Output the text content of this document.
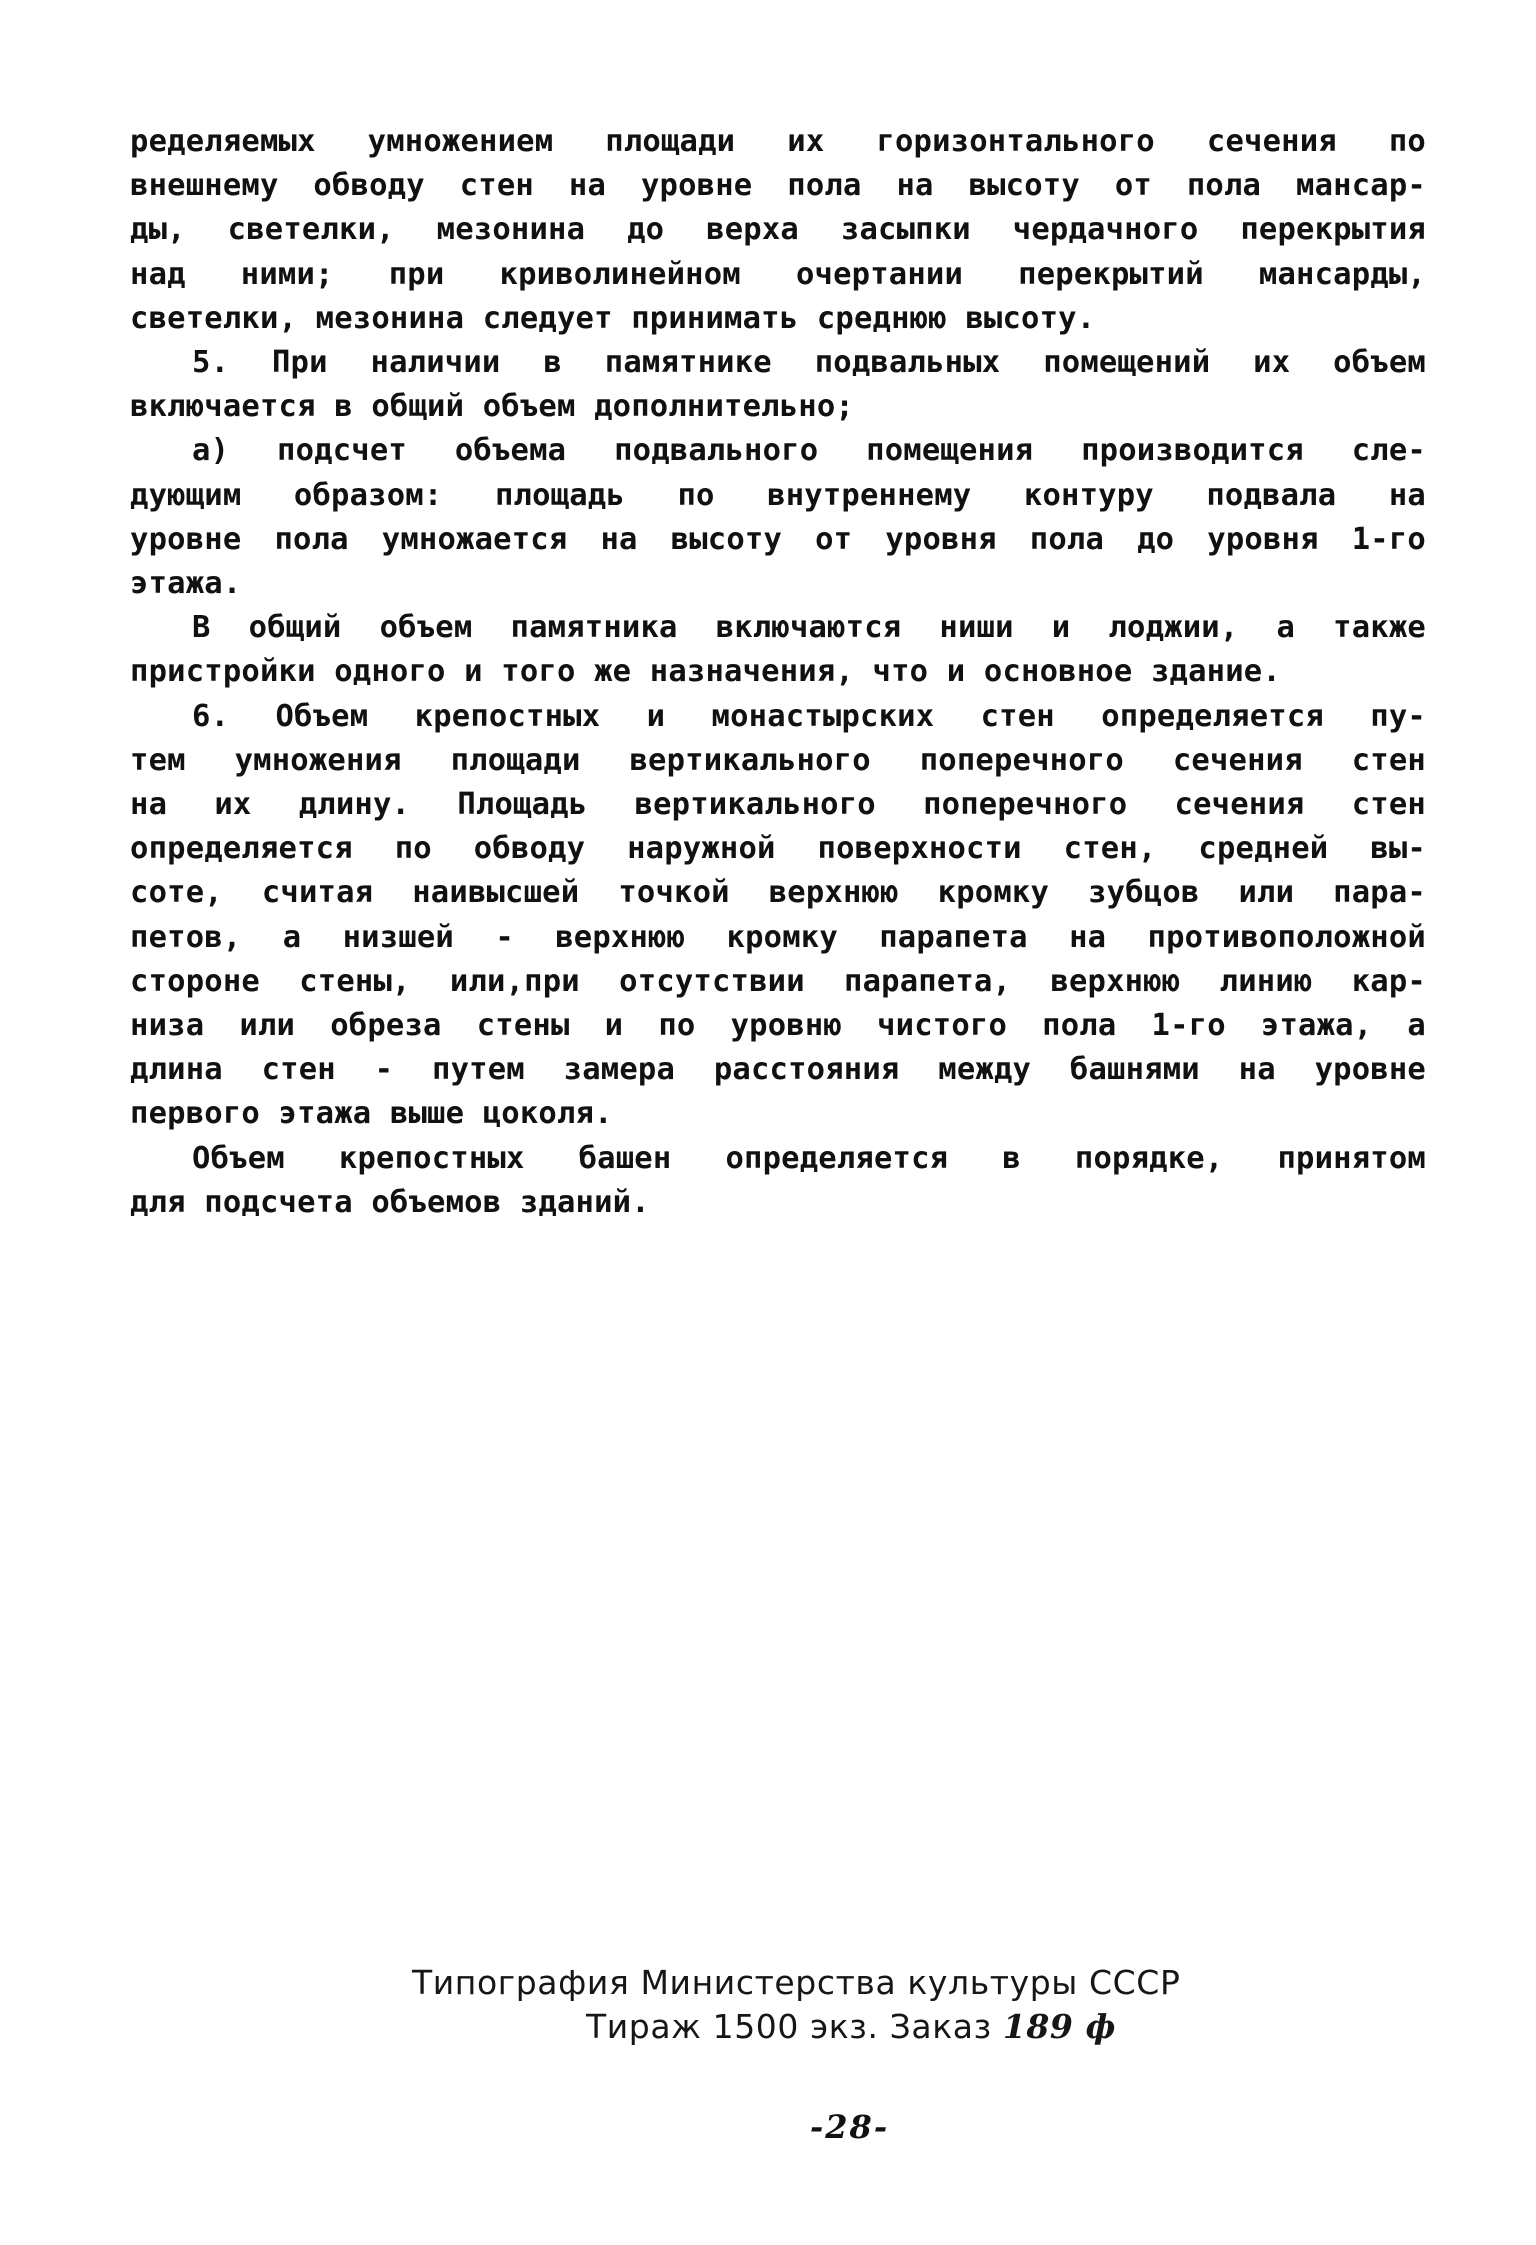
ределяемых умножением площади их горизонтального сечения по
внешнему обводу стен на уровне пола на высоту от пола мансар-
ды, светелки, мезонина до верха засыпки чердачного перекрытия
над ними; при криволинейном очертании перекрытий мансарды,
светелки, мезонина следует принимать среднюю высоту.
5. При наличии в памятнике подвальных помещений их объем
включается в общий объем дополнительно;
а) подсчет объема подвального помещения производится сле-
дующим образом: площадь по внутреннему контуру подвала на
уровне пола умножается на высоту от уровня пола до уровня 1-го
этажа.
В общий объем памятника включаются ниши и лоджии, а также
пристройки одного и того же назначения, что и основное здание.
6. Объем крепостных и монастырских стен определяется пу-
тем умножения площади вертикального поперечного сечения стен
на их длину. Площадь вертикального поперечного сечения стен
определяется по обводу наружной поверхности стен, средней вы-
соте, считая наивысшей точкой верхнюю кромку зубцов или пара-
петов, а низшей - верхнюю кромку парапета на противоположной
стороне стены, или,при отсутствии парапета, верхнюю линию кар-
низа или обреза стены и по уровню чистого пола 1-го этажа, а
длина стен - путем замера расстояния между башнями на уровне
первого этажа выше цоколя.
Объем крепостных башен определяется в порядке, принятом
для подсчета объемов зданий.
Типография Министерства культуры СССР
Тираж 1500 экз. Заказ 189 ф
-28-
